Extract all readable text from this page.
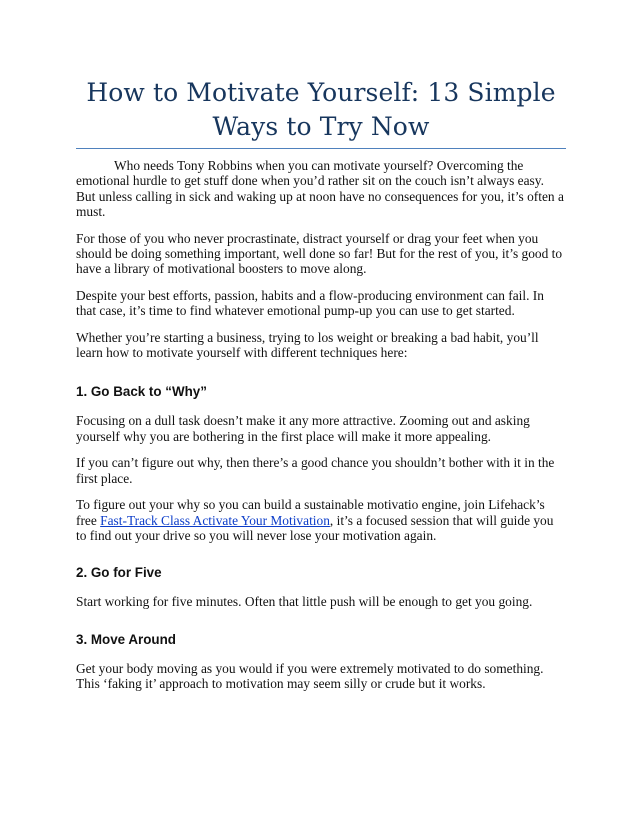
How to Motivate Yourself: 13 Simple Ways to Try Now

Who needs Tony Robbins when you can motivate yourself? Overcoming the emotional hurdle to get stuff done when you’d rather sit on the couch isn’t always easy. But unless calling in sick and waking up at noon have no consequences for you, it’s often a must.

For those of you who never procrastinate, distract yourself or drag your feet when you should be doing something important, well done so far! But for the rest of you, it’s good to have a library of motivational boosters to move along.

Despite your best efforts, passion, habits and a flow-producing environment can fail. In that case, it’s time to find whatever emotional pump-up you can use to get started.

Whether you’re starting a business, trying to los weight or breaking a bad habit, you’ll learn how to motivate yourself with different techniques here:

1. Go Back to “Why”

Focusing on a dull task doesn’t make it any more attractive. Zooming out and asking yourself why you are bothering in the first place will make it more appealing.

If you can’t figure out why, then there’s a good chance you shouldn’t bother with it in the first place.

To figure out your why so you can build a sustainable motivatio engine, join Lifehack’s free Fast-Track Class Activate Your Motivation, it’s a focused session that will guide you to find out your drive so you will never lose your motivation again.

2. Go for Five

Start working for five minutes. Often that little push will be enough to get you going.

3. Move Around

Get your body moving as you would if you were extremely motivated to do something. This ‘faking it’ approach to motivation may seem silly or crude but it works.
